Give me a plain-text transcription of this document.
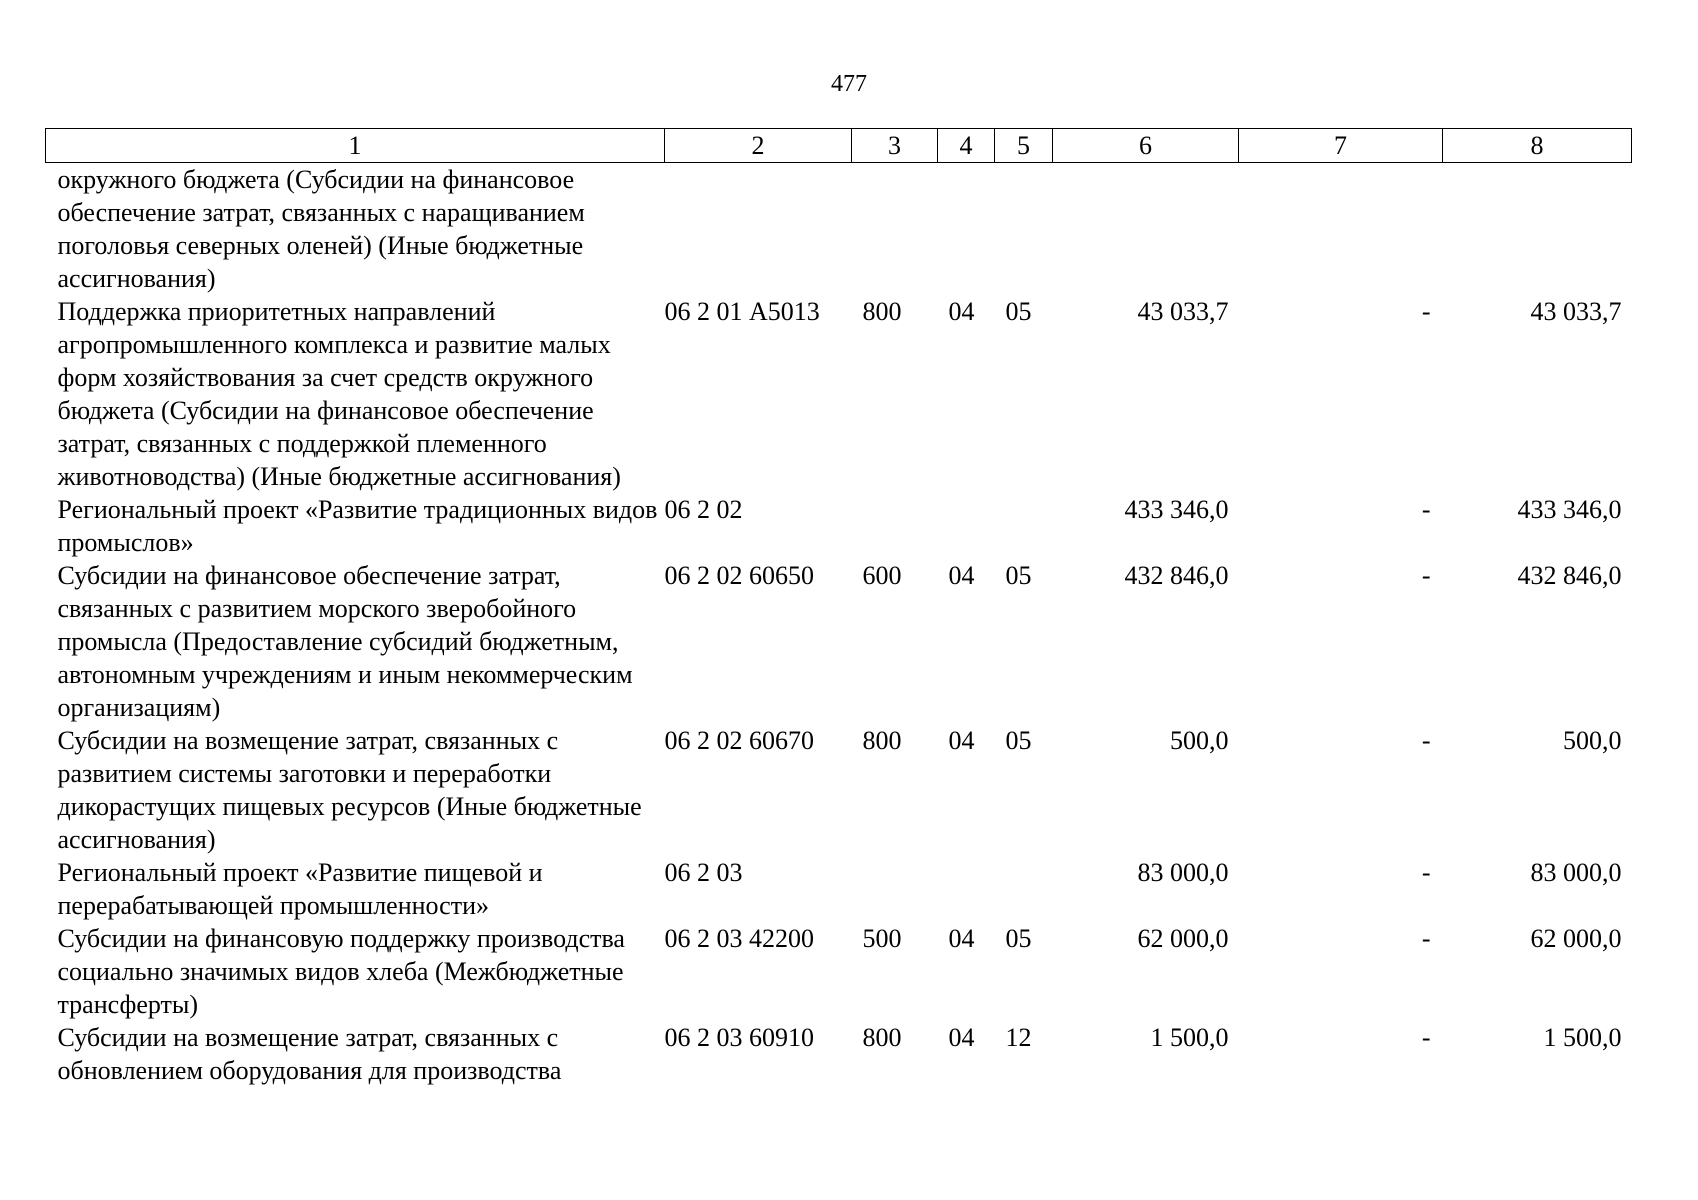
477
1	2	3	4	5	6	7	8
окружного бюджета (Субсидии на финансовое обеспечение затрат, связанных с наращиванием поголовья северных оленей) (Иные бюджетные ассигнования)							
Поддержка приоритетных направлений агропромышленного комплекса и развитие малых форм хозяйствования за счет средств окружного бюджета (Субсидии на финансовое обеспечение затрат, связанных с поддержкой племенного животноводства) (Иные бюджетные ассигнования)	06 2 01 А5013	800	04	05	43 033,7	-	43 033,7
Региональный проект «Развитие традиционных видов промыслов»	06 2 02				433 346,0	-	433 346,0
Субсидии на финансовое обеспечение затрат, связанных с развитием морского зверобойного промысла (Предоставление субсидий бюджетным, автономным учреждениям и иным некоммерческим организациям)	06 2 02 60650	600	04	05	432 846,0	-	432 846,0
Субсидии на возмещение затрат, связанных с развитием системы заготовки и переработки дикорастущих пищевых ресурсов (Иные бюджетные ассигнования)	06 2 02 60670	800	04	05	500,0	-	500,0
Региональный проект «Развитие пищевой и перерабатывающей промышленности»	06 2 03				83 000,0	-	83 000,0
Субсидии на финансовую поддержку производства социально значимых видов хлеба (Межбюджетные трансферты)	06 2 03 42200	500	04	05	62 000,0	-	62 000,0
Субсидии на возмещение затрат, связанных с обновлением оборудования для производства	06 2 03 60910	800	04	12	1 500,0	-	1 500,0
